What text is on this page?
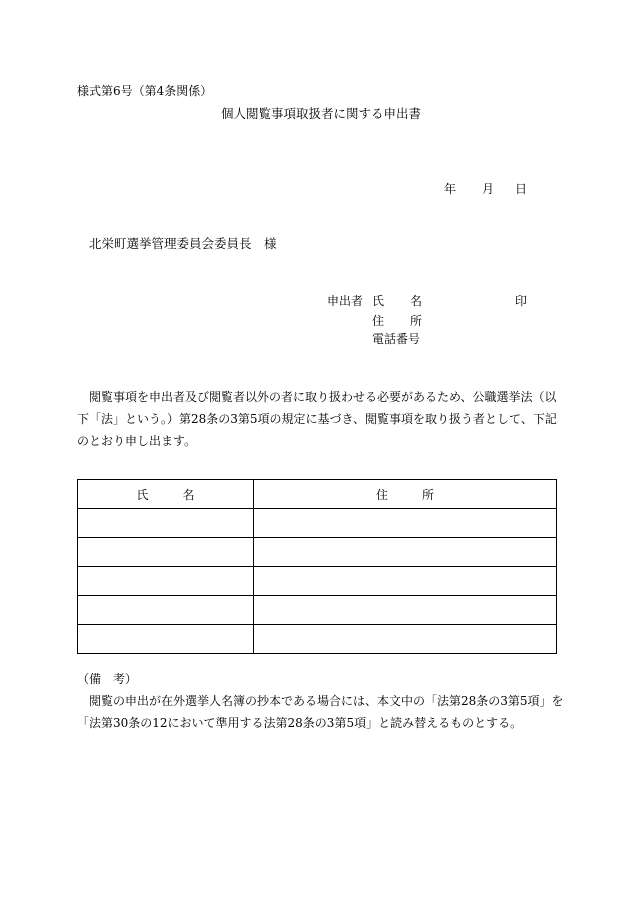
様式第6号（第4条関係）
個人閲覧事項取扱者に関する申出書
年 月 日
北栄町選挙管理委員会委員長　様
申出者 氏 名
住 所
電話番号
印
閲覧事項を申出者及び閲覧者以外の者に取り扱わせる必要があるため、公職選挙法（以
下「法」という。）第28条の3第5項の規定に基づき、閲覧事項を取り扱う者として、下記
のとおり申し出ます。
氏 名	住 所

（備　考）
閲覧の申出が在外選挙人名簿の抄本である場合には、本文中の「法第28条の3第5項」を
「法第30条の12において準用する法第28条の3第5項」と読み替えるものとする。
